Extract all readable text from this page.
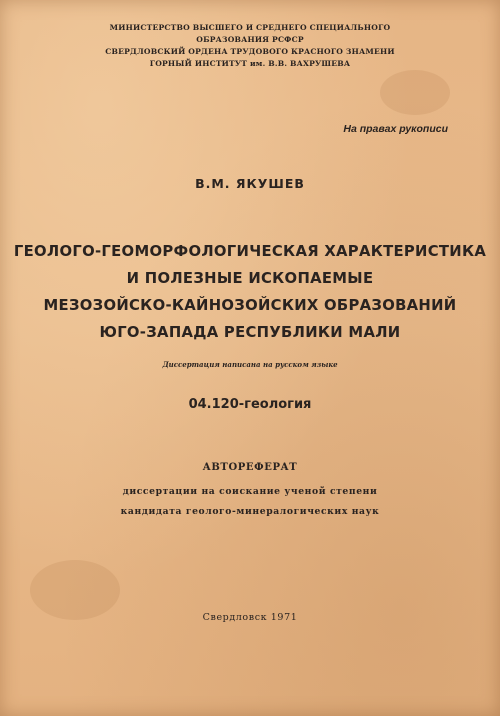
МИНИСТЕРСТВО ВЫСШЕГО И СРЕДНЕГО СПЕЦИАЛЬНОГО
ОБРАЗОВАНИЯ РСФСР
СВЕРДЛОВСКИЙ ОРДЕНА ТРУДОВОГО КРАСНОГО ЗНАМЕНИ
ГОРНЫЙ ИНСТИТУТ им. В.В. ВАХРУШЕВА
На правах рукописи
В.М. ЯКУШЕВ
ГЕОЛОГО-ГЕОМОРФОЛОГИЧЕСКАЯ ХАРАКТЕРИСТИКА
И ПОЛЕЗНЫЕ ИСКОПАЕМЫЕ
МЕЗОЗОЙСКО-КАЙНОЗОЙСКИХ ОБРАЗОВАНИЙ
ЮГО-ЗАПАДА РЕСПУБЛИКИ МАЛИ
Диссертация написана на русском языке
04.120-геология
АВТОРЕФЕРАТ
диссертации на соискание ученой степени
кандидата геолого-минералогических наук
Свердловск 1971
